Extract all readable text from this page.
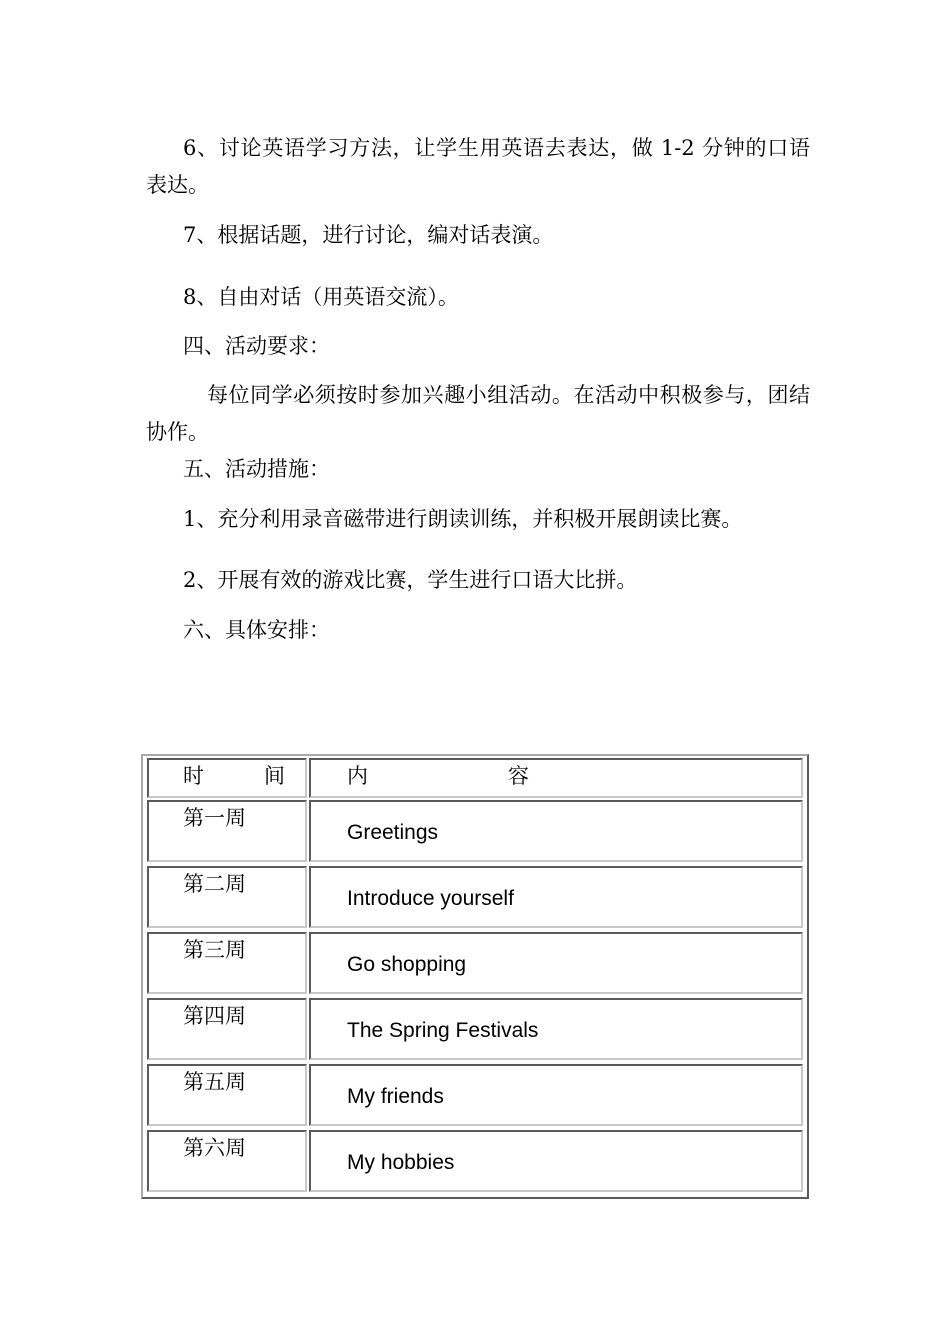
6、讨论英语学习方法，让学生用英语去表达，做 1-2 分钟的口语表达。

7、根据话题，进行讨论，编对话表演。

8、自由对话（用英语交流）。

四、活动要求：

每位同学必须按时参加兴趣小组活动。在活动中积极参与，团结协作。

五、活动措施：

1、充分利用录音磁带进行朗读训练，并积极开展朗读比赛。

2、开展有效的游戏比赛，学生进行口语大比拼。

六、具体安排：

时间 内容
第一周
Greetings
第二周
Introduce yourself
第三周
Go shopping
第四周
The Spring Festivals
第五周
My friends
第六周
My hobbies
